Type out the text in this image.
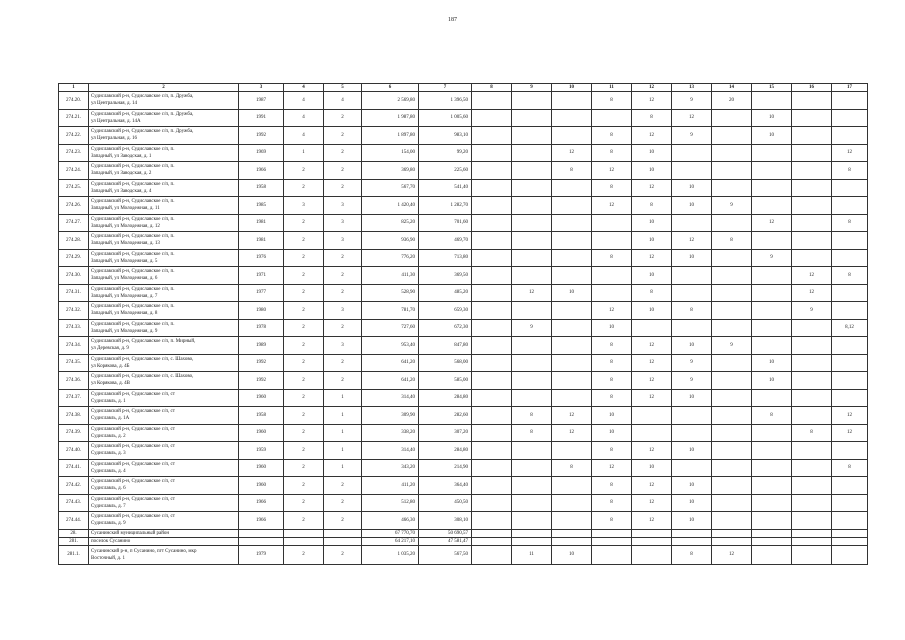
187
1	2	3	4	5	6	7	8	9	10	11	12	13	14	15	16	17
274.20.	Судиславский р-н, Судиславское с/п, п. Дружба,
ул Центральная, д. 14	1987	4	4	2 569,80	1 396,50				8	12	9	20			
274.21.	Судиславский р-н, Судиславское с/п, п. Дружба,
ул Центральная, д. 14А	1991	4	2	1 987,80	1 005,60					8	12		10		
274.22.	Судиславский р-н, Судиславское с/п, п. Дружба,
ул Центральная, д. 16	1992	4	2	1 897,80	983,10				8	12	9		10		
274.23.	Судиславский р-н, Судиславское с/п, п.
Западный, ул Заводская, д. 1	1969	1	2	154,00	99,20			12	8	10					12
274.24.	Судиславский р-н, Судиславское с/п, п.
Западный, ул Заводская, д. 2	1966	2	2	369,80	225,60			8	12	10					8
274.25.	Судиславский р-н, Судиславское с/п, п.
Западный, ул Заводская, д. 4	1958	2	2	567,70	541,40				8	12	10				
274.26.	Судиславский р-н, Судиславское с/п, п.
Западный, ул Молодежная, д. 11	1985	3	3	1 420,40	1 282,70				12	8	10	9			
274.27.	Судиславский р-н, Судиславское с/п, п.
Западный, ул Молодежная, д. 12	1981	2	3	825,20	701,60					10			12		8
274.28.	Судиславский р-н, Судиславское с/п, п.
Западный, ул Молодежная, д. 13	1981	2	3	936,90	469,70					10	12	8			
274.29.	Судиславский р-н, Судиславское с/п, п.
Западный, ул Молодежная, д. 5	1976	2	2	776,20	713,80				8	12	10		9		
274.30.	Судиславский р-н, Судиславское с/п, п.
Западный, ул Молодежная, д. 6	1971	2	2	411,30	369,50					10				12	8
274.31.	Судиславский р-н, Судиславское с/п, п.
Западный, ул Молодежная, д. 7	1977	2	2	528,90	485,20		12	10		8				12	
274.32.	Судиславский р-н, Судиславское с/п, п.
Западный, ул Молодежная, д. 8	1980	2	3	781,70	659,30				12	10	8			9	
274.33.	Судиславский р-н, Судиславское с/п, п.
Западный, ул Молодежная, д. 9	1978	2	2	727,60	672,30		9		10						8,12
274.34.	Судиславский р-н, Судиславское с/п, п. Мирный,
ул Деревская, д. 9	1989	2	3	953,40	847,80				8	12	10	9			
274.35.	Судиславский р-н, Судиславское с/п, с. Шахово,
ул Корякова, д. 4Б	1992	2	2	641,20	568,00				8	12	9		10		
274.36.	Судиславский р-н, Судиславское с/п, с. Шахово,
ул Корякова, д. 4В	1992	2	2	641,20	585,00				8	12	9		10		
274.37.	Судиславский р-н, Судиславское с/п, ст
Судиславль, д. 1	1960	2	1	314,40	284,80				8	12	10				
274.38.	Судиславский р-н, Судиславское с/п, ст
Судиславль, д. 1А	1958	2	1	309,90	282,60		8	12	10				8		12
274.39.	Судиславский р-н, Судиславское с/п, ст
Судиславль, д. 2	1960	2	1	338,20	307,20		8	12	10					8	12
274.40.	Судиславский р-н, Судиславское с/п, ст
Судиславль, д. 3	1959	2	1	314,40	284,80				8	12	10				
274.41.	Судиславский р-н, Судиславское с/п, ст
Судиславль, д. 4	1960	2	1	343,20	214,90			8	12	10					8
274.42.	Судиславский р-н, Судиславское с/п, ст
Судиславль, д. 6	1960	2	2	411,20	364,40				8	12	10				
274.43.	Судиславский р-н, Судиславское с/п, ст
Судиславль, д. 7	1966	2	2	512,80	450,50				8	12	10				
274.44.	Судиславский р-н, Судиславское с/п, ст
Судиславль, д. 9	1966	2	2	466,30	308,10				8	12	10				
28.	Сусанинский муниципальный район				67 770,70	50 690,57										
281.	поселок Сусанино				64 217,10	47 581,47										
281.1.	Сусанинский р-н, п Сусанино, пгт Сусанино, мкр
Восточный, д. 1	1979	2	2	1 035,20	567,50		11	10			8	12			
